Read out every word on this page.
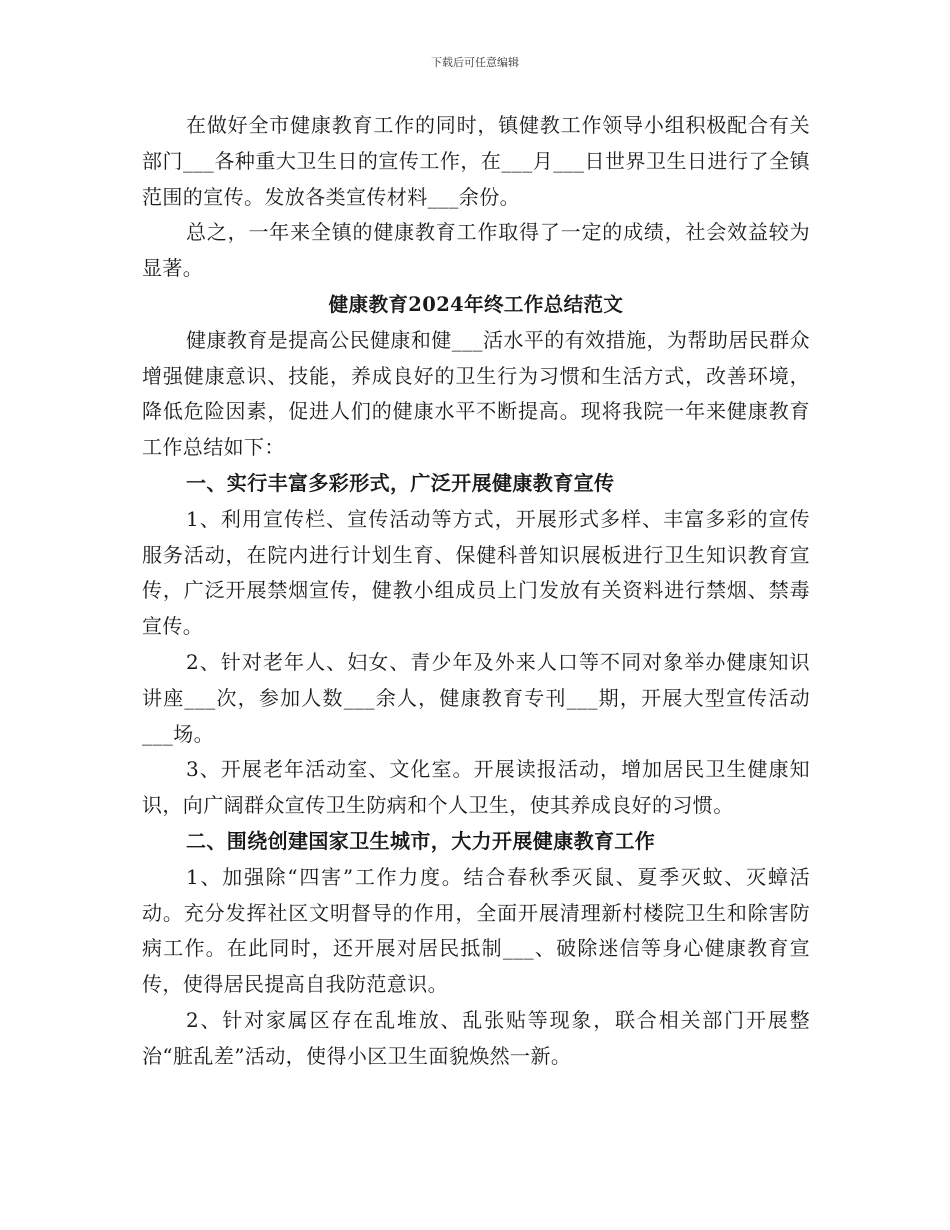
下载后可任意编辑

在做好全市健康教育工作的同时，镇健教工作领导小组积极配合有关部门___各种重大卫生日的宣传工作，在___月___日世界卫生日进行了全镇范围的宣传。发放各类宣传材料___余份。

总之，一年来全镇的健康教育工作取得了一定的成绩，社会效益较为显著。

健康教育2024年终工作总结范文

健康教育是提高公民健康和健___活水平的有效措施，为帮助居民群众增强健康意识、技能，养成良好的卫生行为习惯和生活方式，改善环境，降低危险因素，促进人们的健康水平不断提高。现将我院一年来健康教育工作总结如下：

一、实行丰富多彩形式，广泛开展健康教育宣传

1、利用宣传栏、宣传活动等方式，开展形式多样、丰富多彩的宣传服务活动，在院内进行计划生育、保健科普知识展板进行卫生知识教育宣传，广泛开展禁烟宣传，健教小组成员上门发放有关资料进行禁烟、禁毒宣传。

2、针对老年人、妇女、青少年及外来人口等不同对象举办健康知识讲座___次，参加人数___余人，健康教育专刊___期，开展大型宣传活动___场。

3、开展老年活动室、文化室。开展读报活动，增加居民卫生健康知识，向广阔群众宣传卫生防病和个人卫生，使其养成良好的习惯。

二、围绕创建国家卫生城市，大力开展健康教育工作

1、加强除“四害”工作力度。结合春秋季灭鼠、夏季灭蚊、灭蟑活动。充分发挥社区文明督导的作用，全面开展清理新村楼院卫生和除害防病工作。在此同时，还开展对居民抵制___、破除迷信等身心健康教育宣传，使得居民提高自我防范意识。

2、针对家属区存在乱堆放、乱张贴等现象，联合相关部门开展整治“脏乱差”活动，使得小区卫生面貌焕然一新。
